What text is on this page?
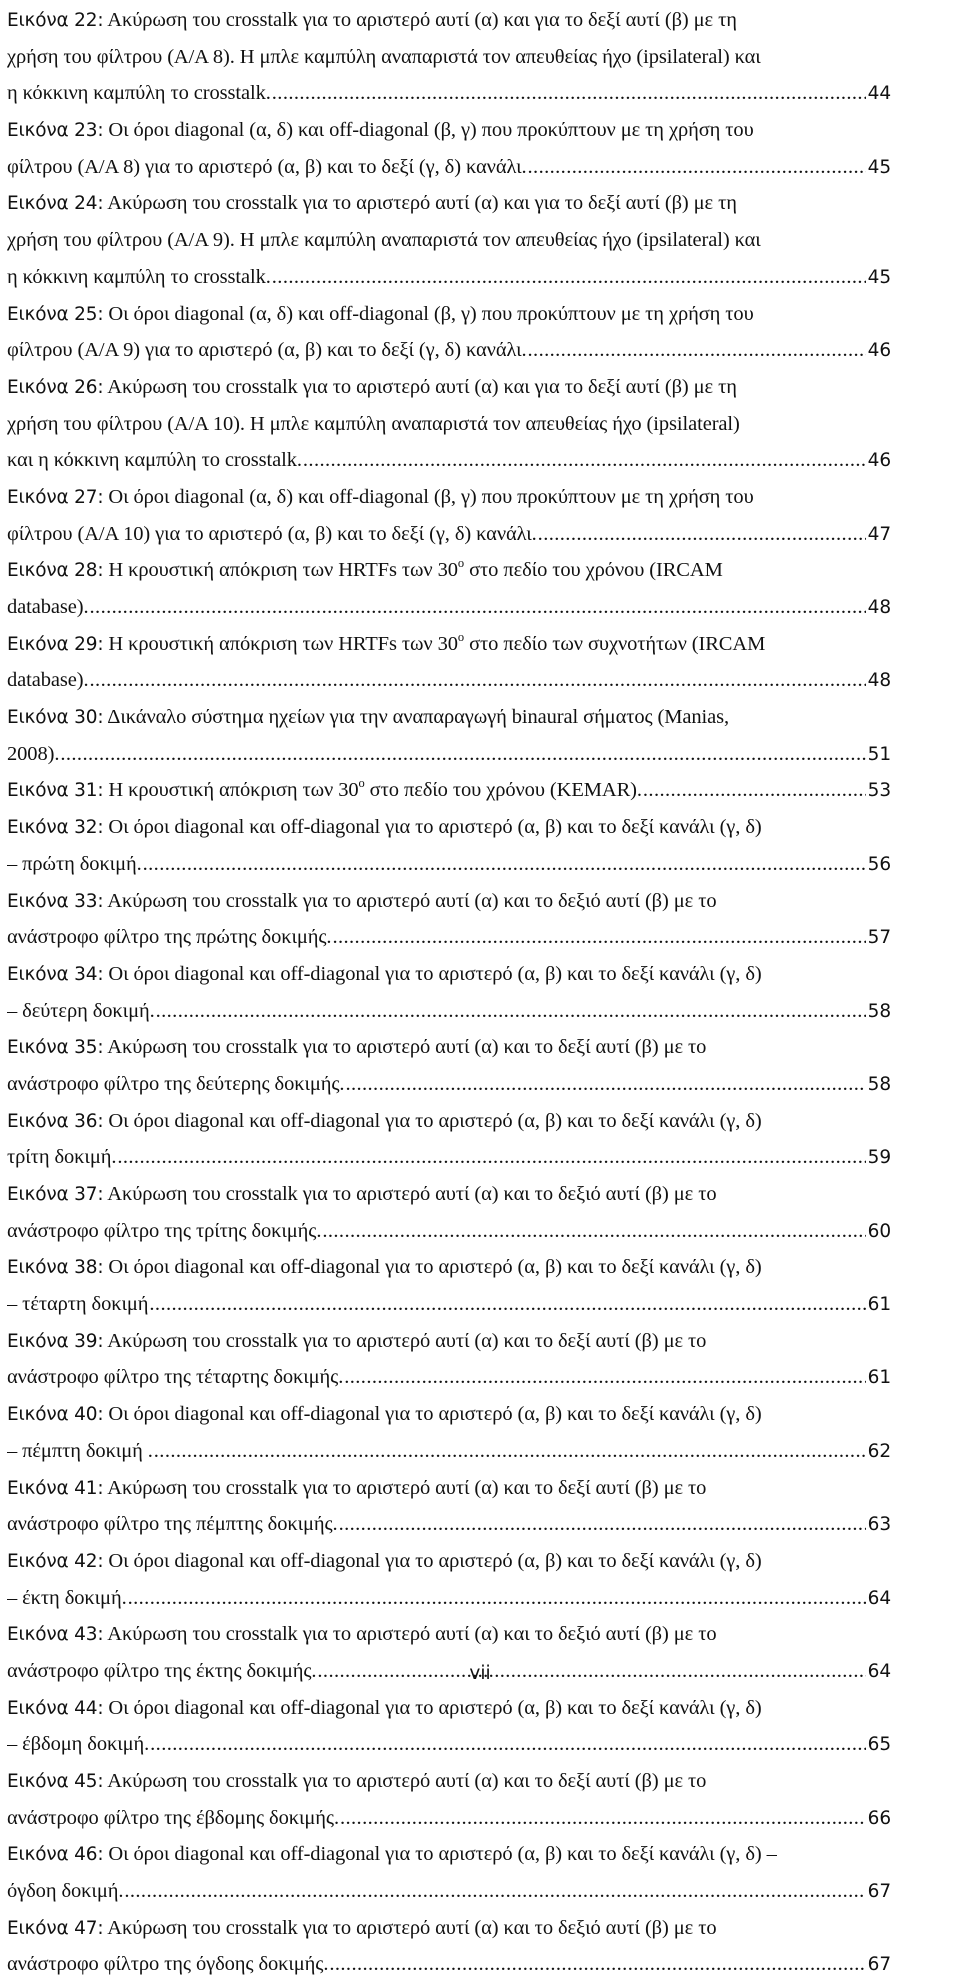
Εικόνα 22: Ακύρωση του crosstalk για το αριστερό αυτί (α) και για το δεξί αυτί (β) με τη
χρήση του φίλτρου (Α/Α 8). Η μπλε καμπύλη αναπαριστά τον απευθείας ήχο (ipsilateral) και
η κόκκινη καμπύλη το crosstalk. .....	44
Εικόνα 23: Οι όροι diagonal (α, δ) και off-diagonal (β, γ) που προκύπτουν με τη χρήση του
φίλτρου (Α/Α 8) για το αριστερό (α, β) και το δεξί (γ, δ) κανάλι. .....	45
Εικόνα 24: Ακύρωση του crosstalk για το αριστερό αυτί (α) και για το δεξί αυτί (β) με τη
χρήση του φίλτρου (Α/Α 9). Η μπλε καμπύλη αναπαριστά τον απευθείας ήχο (ipsilateral) και
η κόκκινη καμπύλη το crosstalk. .....	45
Εικόνα 25: Οι όροι diagonal (α, δ) και off-diagonal (β, γ) που προκύπτουν με τη χρήση του
φίλτρου (Α/Α 9) για το αριστερό (α, β) και το δεξί (γ, δ) κανάλι. .....	46
Εικόνα 26: Ακύρωση του crosstalk για το αριστερό αυτί (α) και για το δεξί αυτί (β) με τη
χρήση του φίλτρου (Α/Α 10). Η μπλε καμπύλη αναπαριστά τον απευθείας ήχο (ipsilateral)
και η κόκκινη καμπύλη το crosstalk. .....	46
Εικόνα 27: Οι όροι diagonal (α, δ) και off-diagonal (β, γ) που προκύπτουν με τη χρήση του
φίλτρου (Α/Α 10) για το αριστερό (α, β) και το δεξί (γ, δ) κανάλι. .....	47
Εικόνα 28: Η κρουστική απόκριση των HRTFs των 30$^o$ στο πεδίο του χρόνου (IRCAM
database). .....	48
Εικόνα 29: Η κρουστική απόκριση των HRTFs των 30$^o$ στο πεδίο των συχνοτήτων (IRCAM
database). .....	48
Εικόνα 30: Δικάναλο σύστημα ηχείων για την αναπαραγωγή binaural σήματος (Manias,
2008). .....	51
Εικόνα 31: Η κρουστική απόκριση των 30$^o$ στο πεδίο του χρόνου (KEMAR). .....	53
Εικόνα 32: Οι όροι diagonal και off-diagonal για το αριστερό (α, β) και το δεξί κανάλι (γ, δ)
– πρώτη δοκιμή. .....	56
Εικόνα 33: Ακύρωση του crosstalk για το αριστερό αυτί (α) και το δεξιό αυτί (β) με το
ανάστροφο φίλτρο της πρώτης δοκιμής. .....	57
Εικόνα 34: Οι όροι diagonal και off-diagonal για το αριστερό (α, β) και το δεξί κανάλι (γ, δ)
– δεύτερη δοκιμή. .....	58
Εικόνα 35: Ακύρωση του crosstalk για το αριστερό αυτί (α) και το δεξί αυτί (β) με το
ανάστροφο φίλτρο της δεύτερης δοκιμής. .....	58
Εικόνα 36: Οι όροι diagonal και off-diagonal για το αριστερό (α, β) και το δεξί κανάλι (γ, δ)
τρίτη δοκιμή. .....	59
Εικόνα 37: Ακύρωση του crosstalk για το αριστερό αυτί (α) και το δεξιό αυτί (β) με το
ανάστροφο φίλτρο της τρίτης δοκιμής. .....	60
Εικόνα 38: Οι όροι diagonal και off-diagonal για το αριστερό (α, β) και το δεξί κανάλι (γ, δ)
– τέταρτη δοκιμή .....	61
Εικόνα 39: Ακύρωση του crosstalk για το αριστερό αυτί (α) και το δεξί αυτί (β) με το
ανάστροφο φίλτρο της τέταρτης δοκιμής. .....	61
Εικόνα 40: Οι όροι diagonal και off-diagonal για το αριστερό (α, β) και το δεξί κανάλι (γ, δ)
– πέμπτη δοκιμή . .....	62
Εικόνα 41: Ακύρωση του crosstalk για το αριστερό αυτί (α) και το δεξί αυτί (β) με το
ανάστροφο φίλτρο της πέμπτης δοκιμής. .....	63
Εικόνα 42: Οι όροι diagonal και off-diagonal για το αριστερό (α, β) και το δεξί κανάλι (γ, δ)
– έκτη δοκιμή. .....	64
Εικόνα 43: Ακύρωση του crosstalk για το αριστερό αυτί (α) και το δεξιό αυτί (β) με το
ανάστροφο φίλτρο της έκτης δοκιμής. .....	64
Εικόνα 44: Οι όροι diagonal και off-diagonal για το αριστερό (α, β) και το δεξί κανάλι (γ, δ)
– έβδομη δοκιμή. .....	65
Εικόνα 45: Ακύρωση του crosstalk για το αριστερό αυτί (α) και το δεξί αυτί (β) με το
ανάστροφο φίλτρο της έβδομης δοκιμής. .....	66
Εικόνα 46: Οι όροι diagonal και off-diagonal για το αριστερό (α, β) και το δεξί κανάλι (γ, δ) –
όγδοη δοκιμή. .....	67
Εικόνα 47: Ακύρωση του crosstalk για το αριστερό αυτί (α) και το δεξιό αυτί (β) με το
ανάστροφο φίλτρο της όγδοης δοκιμής. .....	67
vii
